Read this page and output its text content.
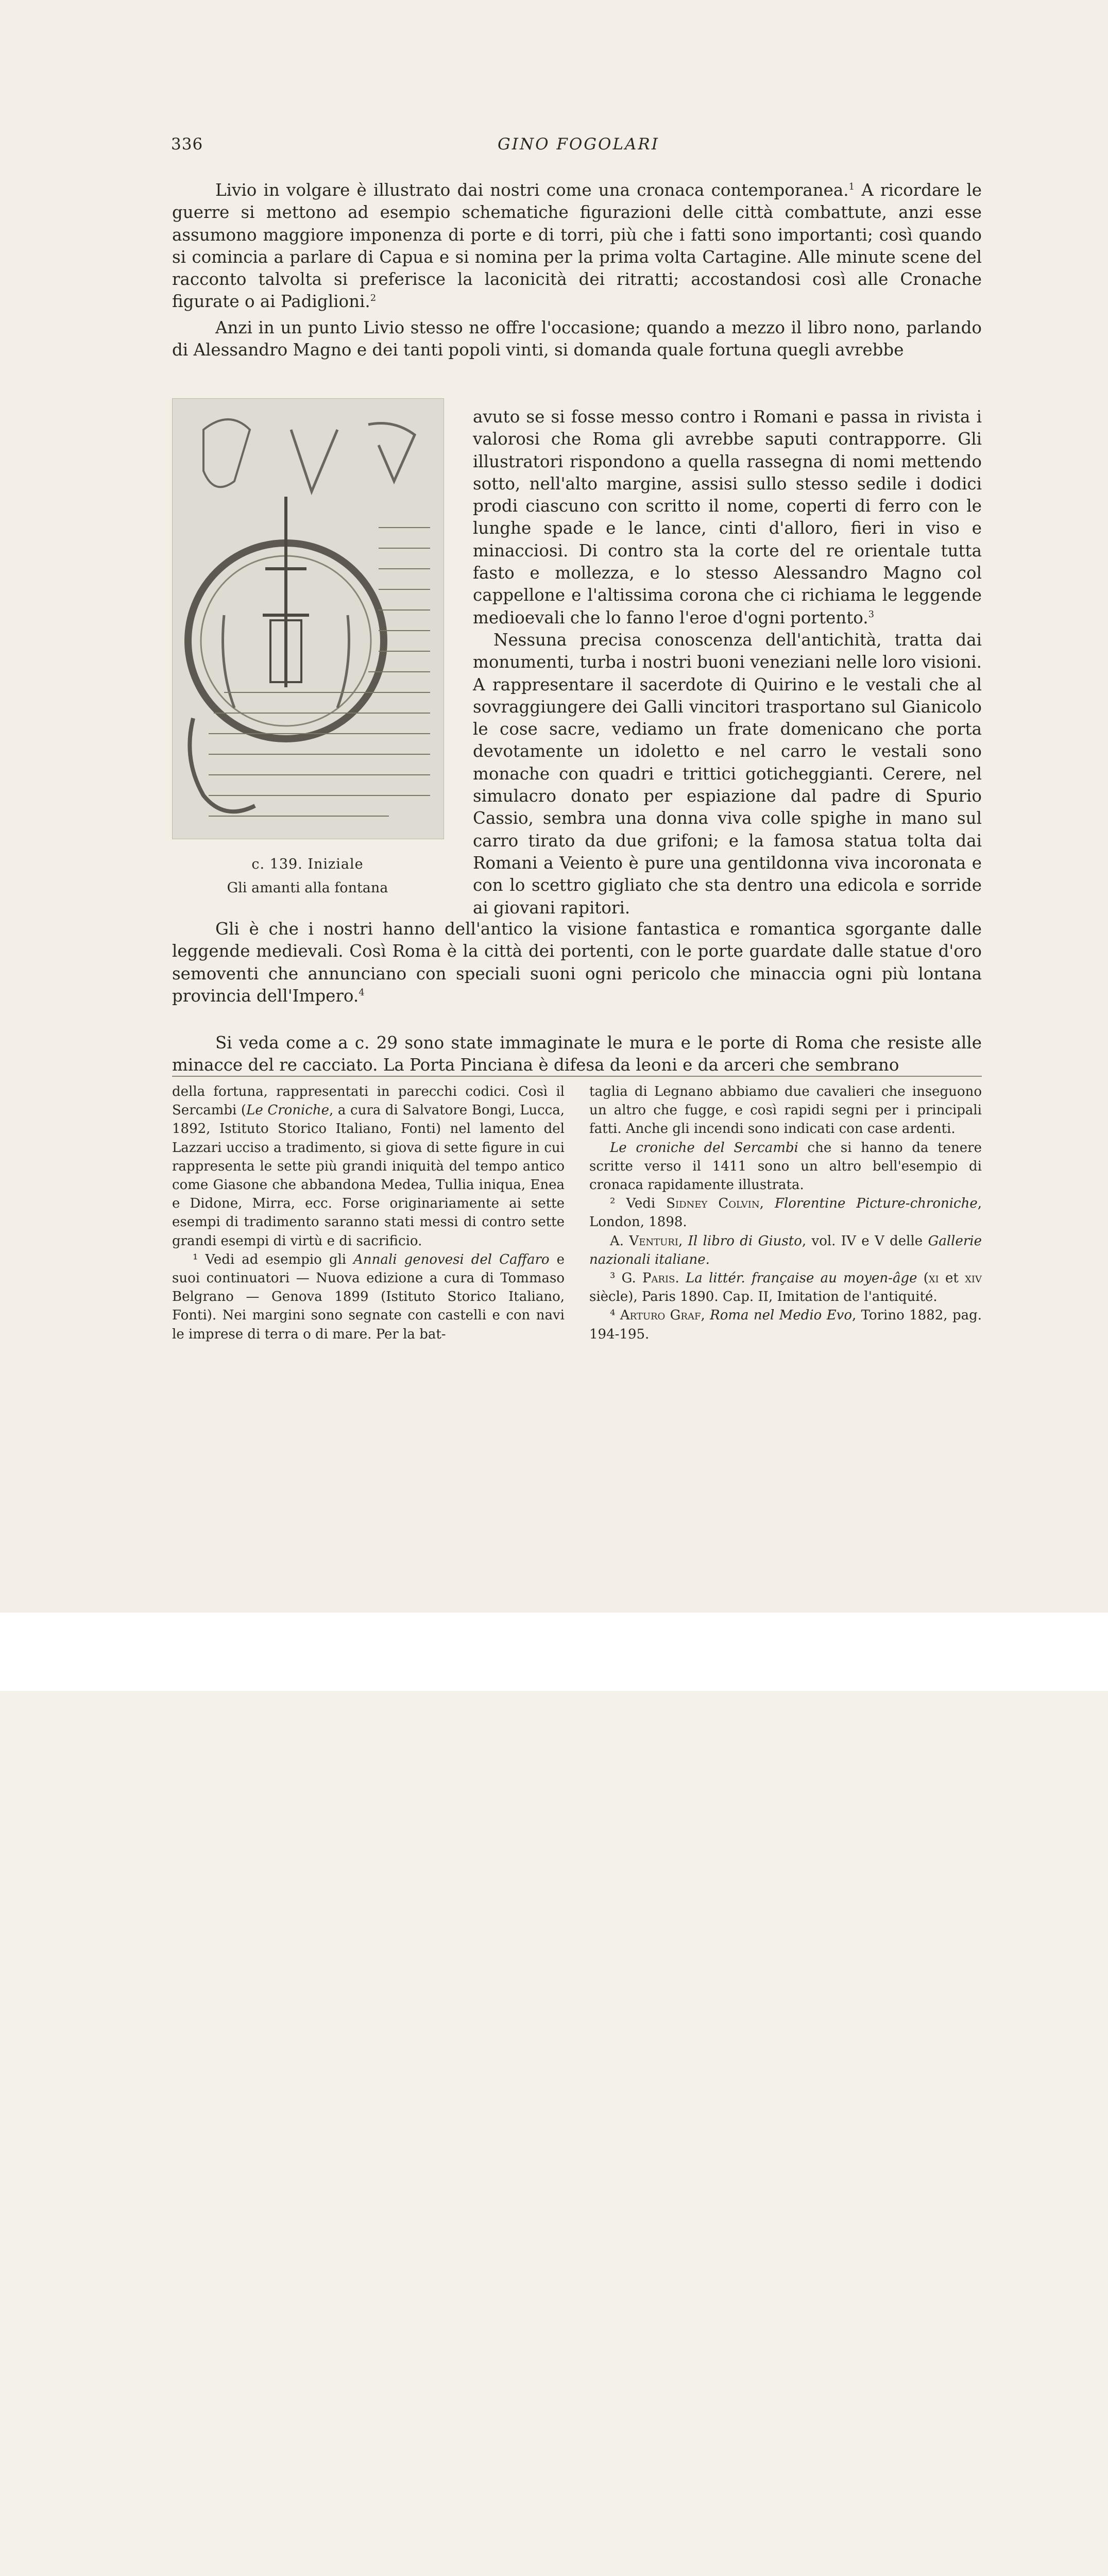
336	GINO FOGOLARI

Livio in volgare è illustrato dai nostri come una cronaca contemporanea.$^1$ A ricordare le guerre si mettono ad esempio schematiche figurazioni delle città combattute, anzi esse assumono maggiore imponenza di porte e di torri, più che i fatti sono importanti; così quando si comincia a parlare di Capua e si nomina per la prima volta Cartagine. Alle minute scene del racconto talvolta si preferisce la laconicità dei ritratti; accostandosi così alle Cronache figurate o ai Padiglioni.$^2$

Anzi in un punto Livio stesso ne offre l'occasione; quando a mezzo il libro nono, parlando di Alessandro Magno e dei tanti popoli vinti, si domanda quale fortuna quegli avrebbe

c. 139. Iniziale
Gli amanti alla fontana

avuto se si fosse messo contro i Romani e passa in rivista i valorosi che Roma gli avrebbe saputi contrapporre. Gli illustratori rispondono a quella rassegna di nomi mettendo sotto, nell'alto margine, assisi sullo stesso sedile i dodici prodi ciascuno con scritto il nome, coperti di ferro con le lunghe spade e le lance, cinti d'alloro, fieri in viso e minacciosi. Di contro sta la corte del re orientale tutta fasto e mollezza, e lo stesso Alessandro Magno col cappellone e l'altissima corona che ci richiama le leggende medioevali che lo fanno l'eroe d'ogni portento.$^3$
Nessuna precisa conoscenza dell'antichità, tratta dai monumenti, turba i nostri buoni veneziani nelle loro visioni. A rappresentare il sacerdote di Quirino e le vestali che al sovraggiungere dei Galli vincitori trasportano sul Gianicolo le cose sacre, vediamo un frate domenicano che porta devotamente un idoletto e nel carro le vestali sono monache con quadri e trittici goticheggianti. Cerere, nel simulacro donato per espiazione dal padre di Spurio Cassio, sembra una donna viva colle spighe in mano sul carro tirato da due grifoni; e la famosa statua tolta dai Romani a Veiento è pure una gentildonna viva incoronata e con lo scettro gigliato che sta dentro una edicola e sorride ai giovani rapitori.

Gli è che i nostri hanno dell'antico la visione fantastica e romantica sgorgante dalle leggende medievali. Così Roma è la città dei portenti, con le porte guardate dalle statue d'oro semoventi che annunciano con speciali suoni ogni pericolo che minaccia ogni più lontana provincia dell'Impero.$^4$

Si veda come a c. 29 sono state immaginate le mura e le porte di Roma che resiste alle minacce del re cacciato. La Porta Pinciana è difesa da leoni e da arceri che sembrano

della fortuna, rappresentati in parecchi codici. Così il Sercambi (Le Croniche, a cura di Salvatore Bongi, Lucca, 1892, Istituto Storico Italiano, Fonti) nel lamento del Lazzari ucciso a tradimento, si giova di sette figure in cui rappresenta le sette più grandi iniquità del tempo antico come Giasone che abbandona Medea, Tullia iniqua, Enea e Didone, Mirra, ecc. Forse originariamente ai sette esempi di tradimento saranno stati messi di contro sette grandi esempi di virtù e di sacrificio.

¹ Vedi ad esempio gli Annali genovesi del Caffaro e suoi continuatori — Nuova edizione a cura di Tommaso Belgrano — Genova 1899 (Istituto Storico Italiano, Fonti). Nei margini sono segnate con castelli e con navi le imprese di terra o di mare. Per la bat-

taglia di Legnano abbiamo due cavalieri che inseguono un altro che fugge, e così rapidi segni per i principali fatti. Anche gli incendi sono indicati con case ardenti.

Le croniche del Sercambi che si hanno da tenere scritte verso il 1411 sono un altro bell'esempio di cronaca rapidamente illustrata.

² Vedi Sidney Colvin, Florentine Picture-chroniche, London, 1898.

A. Venturi, Il libro di Giusto, vol. IV e V delle Gallerie nazionali italiane.

³ G. Paris. La littér. française au moyen-âge (xi et xiv siècle), Paris 1890. Cap. II, Imitation de l'antiquité.

⁴ Arturo Graf, Roma nel Medio Evo, Torino 1882, pag. 194-195.
